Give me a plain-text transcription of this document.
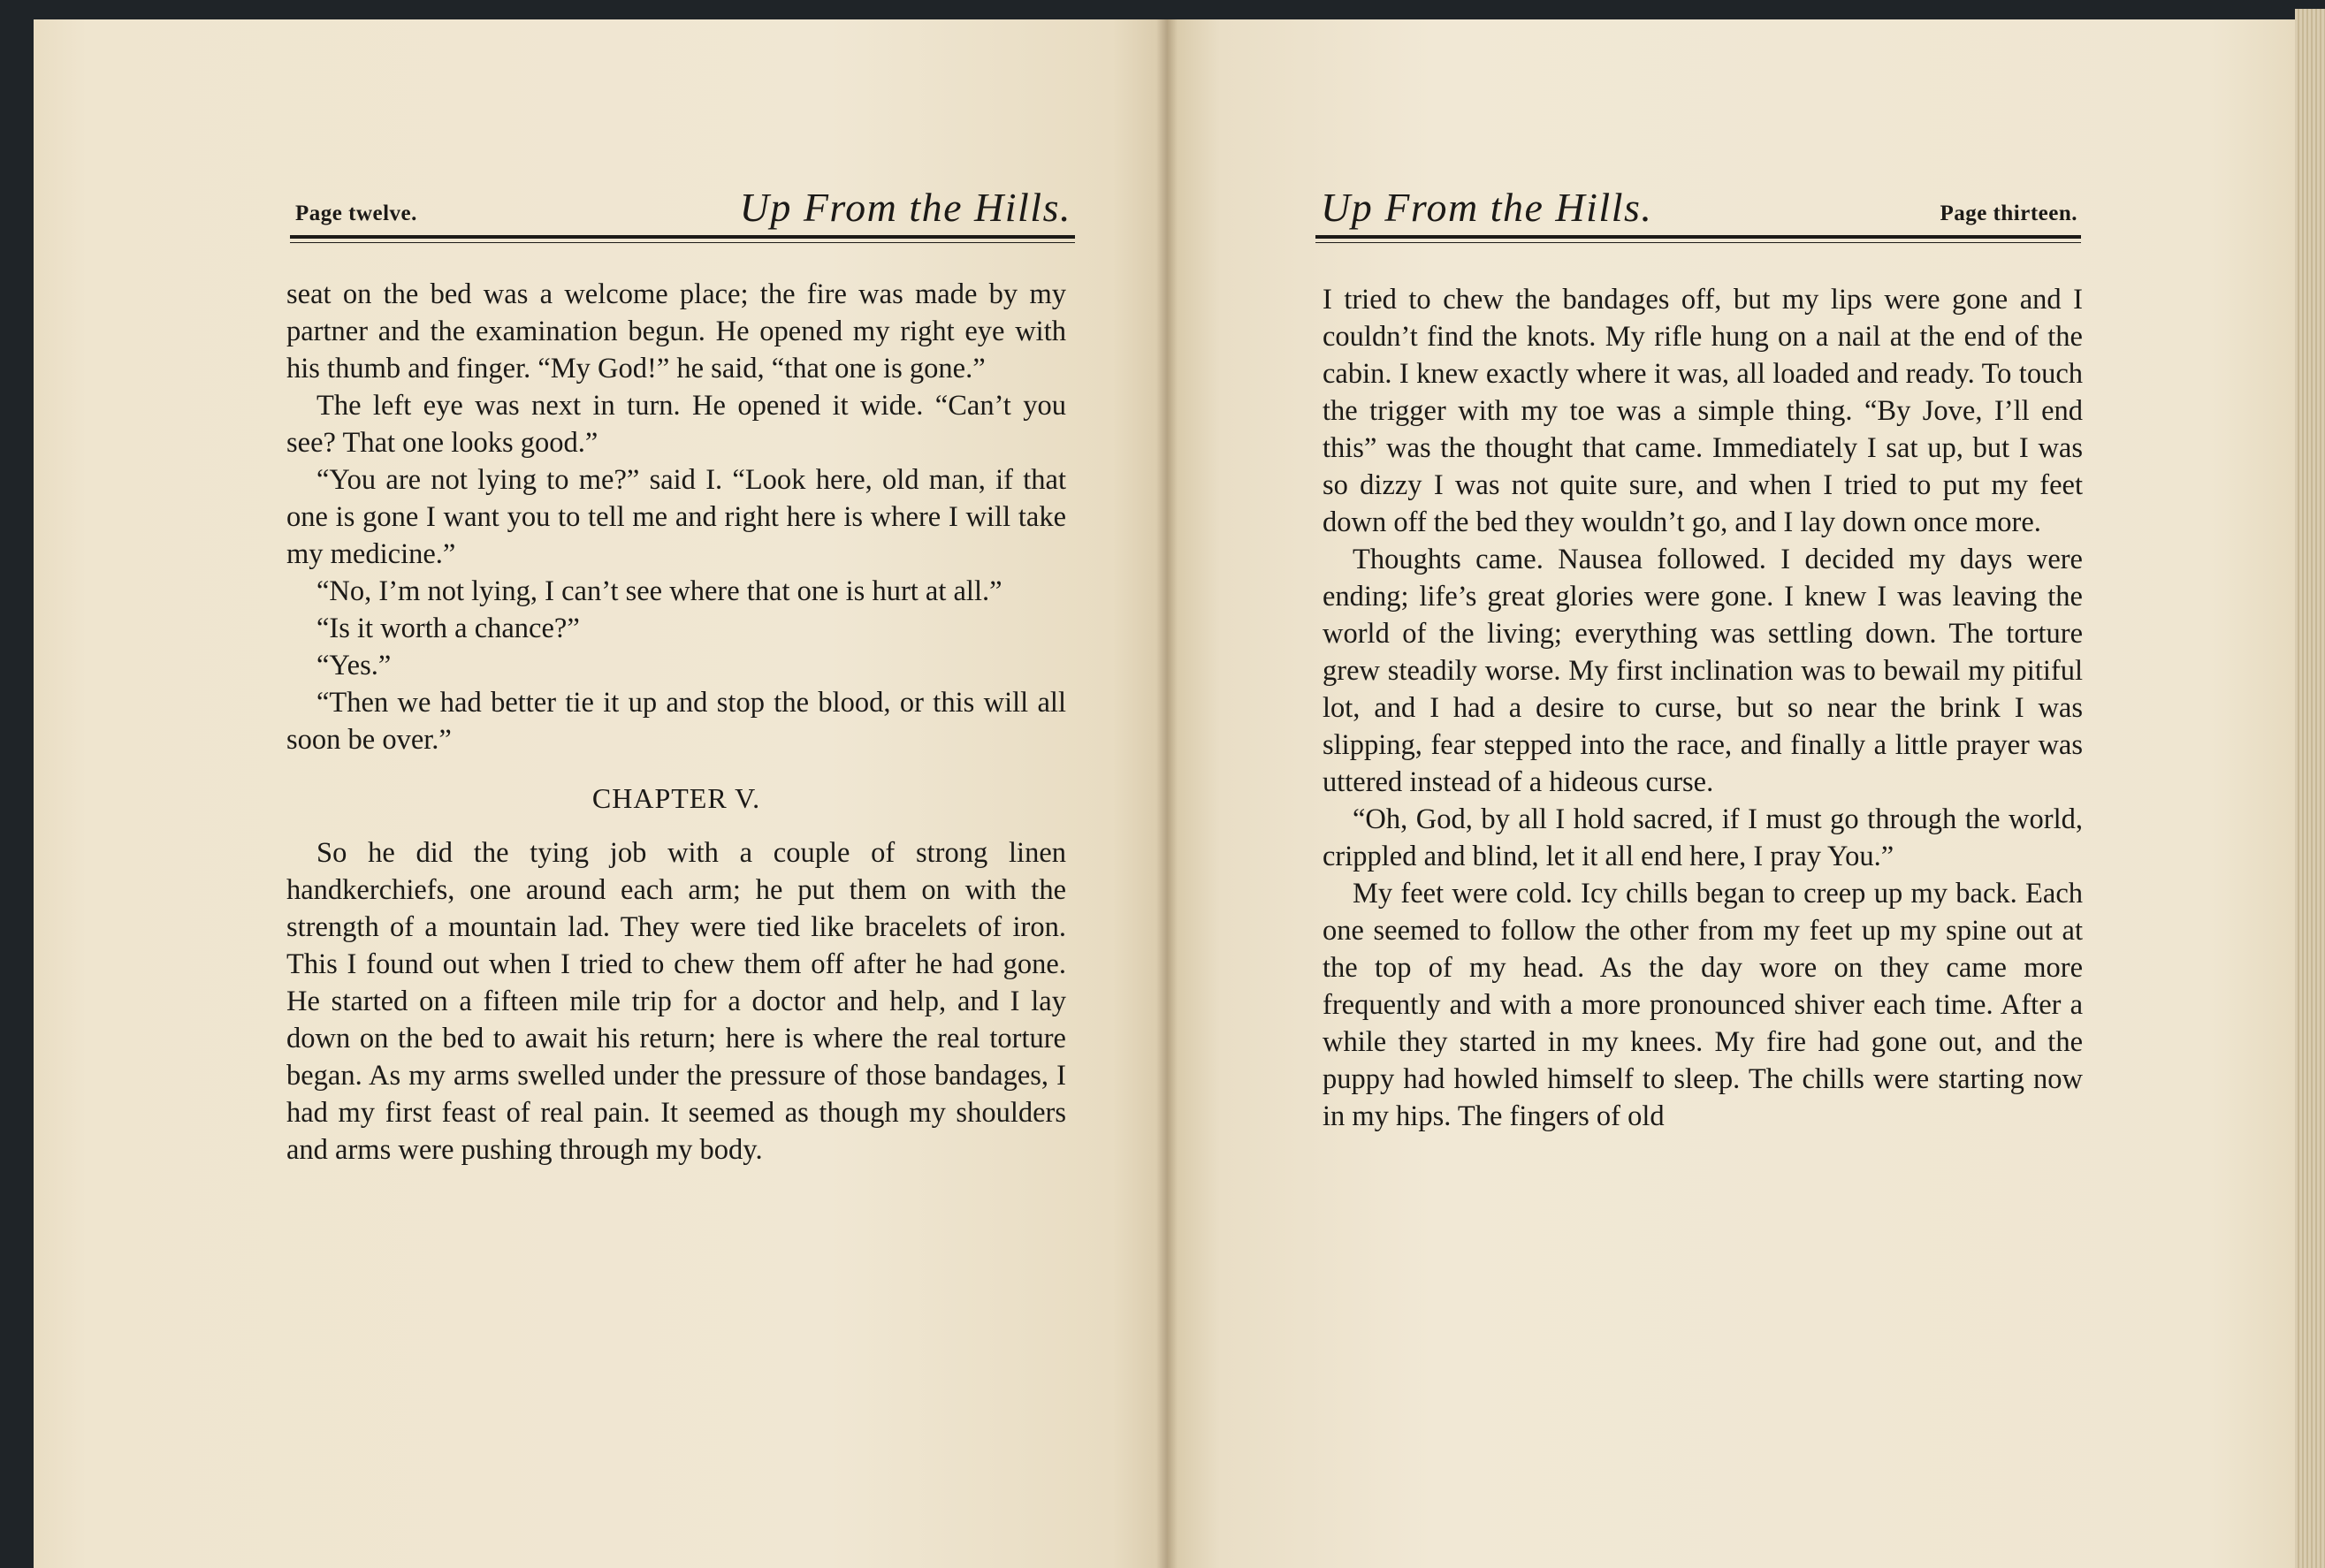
Page twelve.	Up From the Hills.

seat on the bed was a welcome place; the fire was made by my partner and the examination begun. He opened my right eye with his thumb and finger. “My God!” he said, “that one is gone.”

The left eye was next in turn. He opened it wide. “Can’t you see? That one looks good.”

“You are not lying to me?” said I. “Look here, old man, if that one is gone I want you to tell me and right here is where I will take my medicine.”

“No, I’m not lying, I can’t see where that one is hurt at all.”

“Is it worth a chance?”

“Yes.”

“Then we had better tie it up and stop the blood, or this will all soon be over.”

CHAPTER V.

So he did the tying job with a couple of strong linen handkerchiefs, one around each arm; he put them on with the strength of a mountain lad. They were tied like bracelets of iron. This I found out when I tried to chew them off after he had gone. He started on a fifteen mile trip for a doctor and help, and I lay down on the bed to await his return; here is where the real torture began. As my arms swelled under the pressure of those bandages, I had my first feast of real pain. It seemed as though my shoulders and arms were pushing through my body.

Up From the Hills.	Page thirteen.

I tried to chew the bandages off, but my lips were gone and I couldn’t find the knots. My rifle hung on a nail at the end of the cabin. I knew exactly where it was, all loaded and ready. To touch the trigger with my toe was a simple thing. “By Jove, I’ll end this” was the thought that came. Immediately I sat up, but I was so dizzy I was not quite sure, and when I tried to put my feet down off the bed they wouldn’t go, and I lay down once more.

Thoughts came. Nausea followed. I decided my days were ending; life’s great glories were gone. I knew I was leaving the world of the living; everything was settling down. The torture grew steadily worse. My first inclination was to bewail my pitiful lot, and I had a desire to curse, but so near the brink I was slipping, fear stepped into the race, and finally a little prayer was uttered instead of a hideous curse.

“Oh, God, by all I hold sacred, if I must go through the world, crippled and blind, let it all end here, I pray You.”

My feet were cold. Icy chills began to creep up my back. Each one seemed to follow the other from my feet up my spine out at the top of my head. As the day wore on they came more frequently and with a more pronounced shiver each time. After a while they started in my knees. My fire had gone out, and the puppy had howled himself to sleep. The chills were starting now in my hips. The fingers of old
